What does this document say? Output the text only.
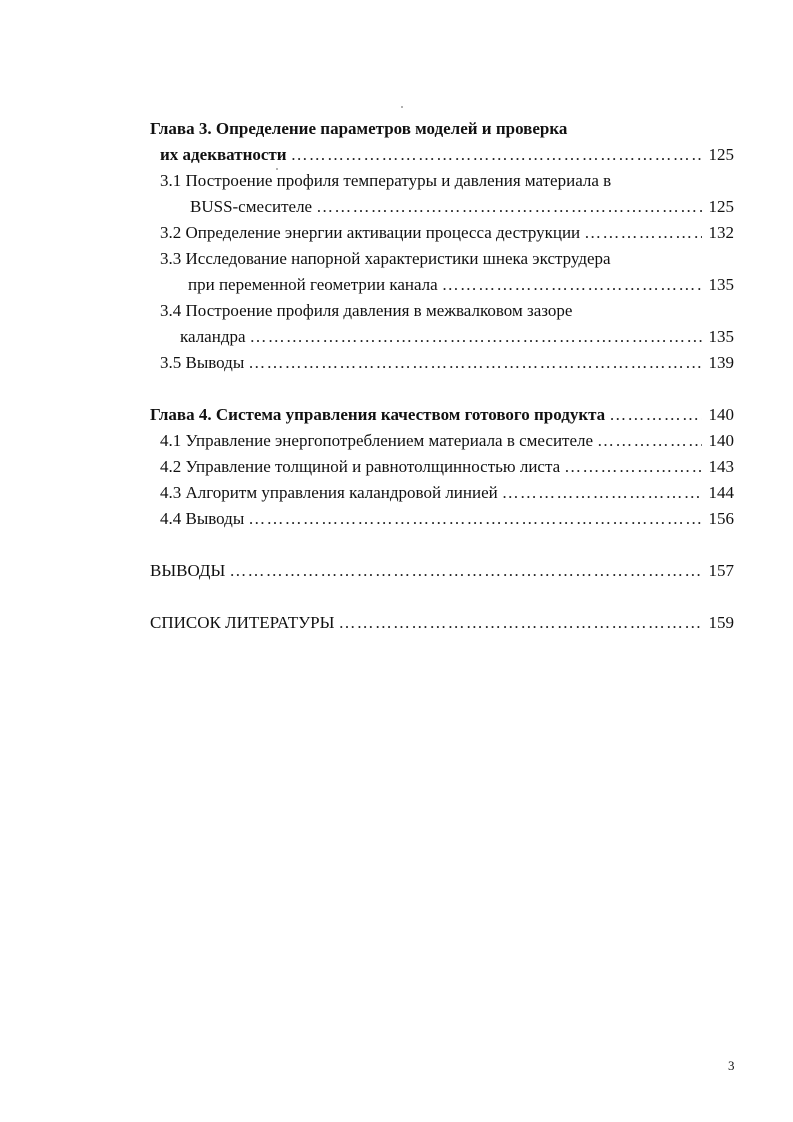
Глава 3. Определение параметров моделей и проверка
их адекватности …………………………………………………………………………………………………………………………………………………………………………………………………………	125
3.1 Построение профиля температуры и давления материала в
BUSS-смесителе …………………………………………………………………………………………………………………………………………………………………………………………………………	125
3.2 Определение энергии активации процесса деструкции …………………………………………………………………………………………………………………………………………………………………………………………………………	132
3.3 Исследование напорной характеристики шнека экструдера
при переменной геометрии канала …………………………………………………………………………………………………………………………………………………………………………………………………………	135
3.4 Построение профиля давления в межвалковом зазоре
каландра …………………………………………………………………………………………………………………………………………………………………………………………………………	135
3.5 Выводы …………………………………………………………………………………………………………………………………………………………………………………………………………	139
Глава 4. Система управления качеством готового продукта …………………………………………………………………………………………………………………………………………………………………………………………………………	140
4.1 Управление энергопотреблением материала в смесителе …………………………………………………………………………………………………………………………………………………………………………………………………………	140
4.2 Управление толщиной и равнотолщинностью листа …………………………………………………………………………………………………………………………………………………………………………………………………………	143
4.3 Алгоритм управления каландровой линией …………………………………………………………………………………………………………………………………………………………………………………………………………	144
4.4 Выводы …………………………………………………………………………………………………………………………………………………………………………………………………………	156
ВЫВОДЫ …………………………………………………………………………………………………………………………………………………………………………………………………………	157
СПИСОК ЛИТЕРАТУРЫ …………………………………………………………………………………………………………………………………………………………………………………………………………	159
3
